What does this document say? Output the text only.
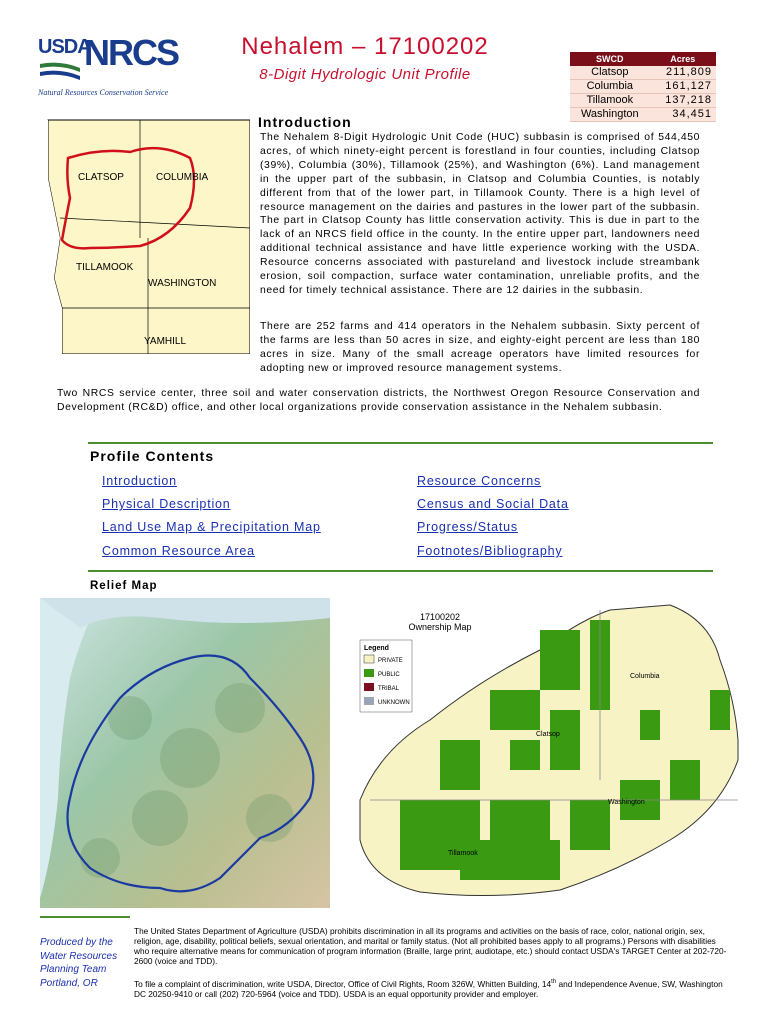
USDA
NRCS
Natural Resources Conservation Service
Nehalem – 17100202
8-Digit Hydrologic Unit Profile
SWCD	Acres
Clatsop	211,809
Columbia	161,127
Tillamook	137,218
Washington	34,451
CLATSOP	COLUMBIA
TILLAMOOK
WASHINGTON
YAMHILL
Introduction
The Nehalem 8-Digit Hydrologic Unit Code (HUC) subbasin is comprised of 544,450 acres, of which ninety-eight percent is forestland in four counties, including Clatsop (39%), Columbia (30%), Tillamook (25%), and Washington (6%). Land management in the upper part of the subbasin, in Clatsop and Columbia Counties, is notably different from that of the lower part, in Tillamook County. There is a high level of resource management on the dairies and pastures in the lower part of the subbasin. The part in Clatsop County has little conservation activity. This is due in part to the lack of an NRCS field office in the county. In the entire upper part, landowners need additional technical assistance and have little experience working with the USDA. Resource concerns associated with pastureland and livestock include streambank erosion, soil compaction, surface water contamination, unreliable profits, and the need for timely technical assistance. There are 12 dairies in the subbasin.
There are 252 farms and 414 operators in the Nehalem subbasin. Sixty percent of the farms are less than 50 acres in size, and eighty-eight percent are less than 180 acres in size. Many of the small acreage operators have limited resources for adopting new or improved resource management systems.
Two NRCS service center, three soil and water conservation districts, the Northwest Oregon Resource Conservation and Development (RC&D) office, and other local organizations provide conservation assistance in the Nehalem subbasin.
Profile Contents
Introduction
Physical Description
Land Use Map & Precipitation Map
Common Resource Area
Resource Concerns
Census and Social Data
Progress/Status
Footnotes/Bibliography
Relief Map
17100202
Ownership Map
Legend
PRIVATE
PUBLIC
TRIBAL
UNKNOWN
Columbia
Clatsop
Washington
Tillamook
Produced by the Water Resources Planning Team Portland, OR
The United States Department of Agriculture (USDA) prohibits discrimination in all its programs and activities on the basis of race, color, national origin, sex, religion, age, disability, political beliefs, sexual orientation, and marital or family status. (Not all prohibited bases apply to all programs.) Persons with disabilities who require alternative means for communication of program information (Braille, large print, audiotape, etc.) should contact USDA's TARGET Center at 202-720-2600 (voice and TDD).
To file a complaint of discrimination, write USDA, Director, Office of Civil Rights, Room 326W, Whitten Building, 14th and Independence Avenue, SW, Washington DC 20250-9410 or call (202) 720-5964 (voice and TDD). USDA is an equal opportunity provider and employer.
